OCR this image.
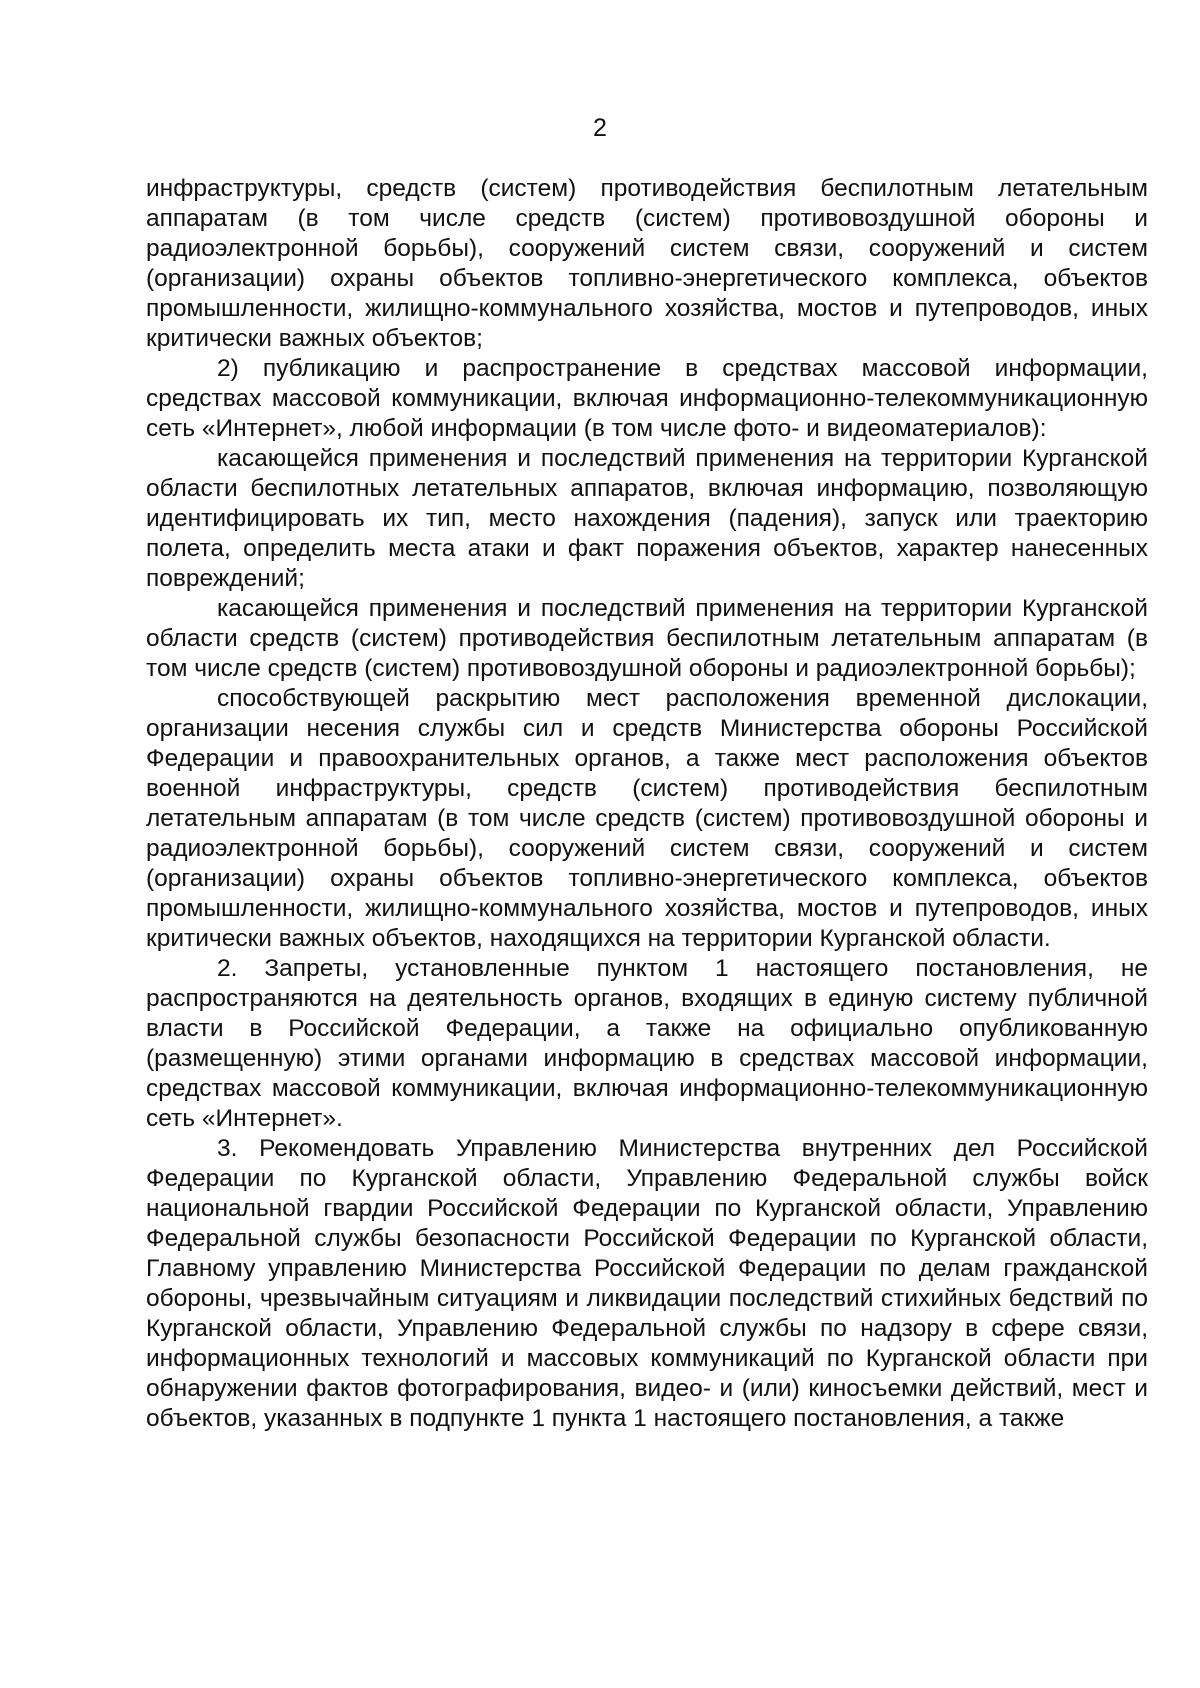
2

инфраструктуры, средств (систем) противодействия беспилотным летательным аппаратам (в том числе средств (систем) противовоздушной обороны и радиоэлектронной борьбы), сооружений систем связи, сооружений и систем (организации) охраны объектов топливно-энергетического комплекса, объектов промышленности, жилищно-коммунального хозяйства, мостов и путепроводов, иных критически важных объектов;

2) публикацию и распространение в средствах массовой информации, средствах массовой коммуникации, включая информационно-телекоммуникационную сеть «Интернет», любой информации (в том числе фото- и видеоматериалов):

касающейся применения и последствий применения на территории Курганской области беспилотных летательных аппаратов, включая информацию, позволяющую идентифицировать их тип, место нахождения (падения), запуск или траекторию полета, определить места атаки и факт поражения объектов, характер нанесенных повреждений;

касающейся применения и последствий применения на территории Курганской области средств (систем) противодействия беспилотным летательным аппаратам (в том числе средств (систем) противовоздушной обороны и радиоэлектронной борьбы);

способствующей раскрытию мест расположения временной дислокации, организации несения службы сил и средств Министерства обороны Российской Федерации и правоохранительных органов, а также мест расположения объектов военной инфраструктуры, средств (систем) противодействия беспилотным летательным аппаратам (в том числе средств (систем) противовоздушной обороны и радиоэлектронной борьбы), сооружений систем связи, сооружений и систем (организации) охраны объектов топливно-энергетического комплекса, объектов промышленности, жилищно-коммунального хозяйства, мостов и путепроводов, иных критически важных объектов, находящихся на территории Курганской области.

2. Запреты, установленные пунктом 1 настоящего постановления, не распространяются на деятельность органов, входящих в единую систему публичной власти в Российской Федерации, а также на официально опубликованную (размещенную) этими органами информацию в средствах массовой информации, средствах массовой коммуникации, включая информационно-телекоммуникационную сеть «Интернет».

3. Рекомендовать Управлению Министерства внутренних дел Российской Федерации по Курганской области, Управлению Федеральной службы войск национальной гвардии Российской Федерации по Курганской области, Управлению Федеральной службы безопасности Российской Федерации по Курганской области, Главному управлению Министерства Российской Федерации по делам гражданской обороны, чрезвычайным ситуациям и ликвидации последствий стихийных бедствий по Курганской области, Управлению Федеральной службы по надзору в сфере связи, информационных технологий и массовых коммуникаций по Курганской области при обнаружении фактов фотографирования, видео- и (или) киносъемки действий, мест и объектов, указанных в подпункте 1 пункта 1 настоящего постановления, а также
